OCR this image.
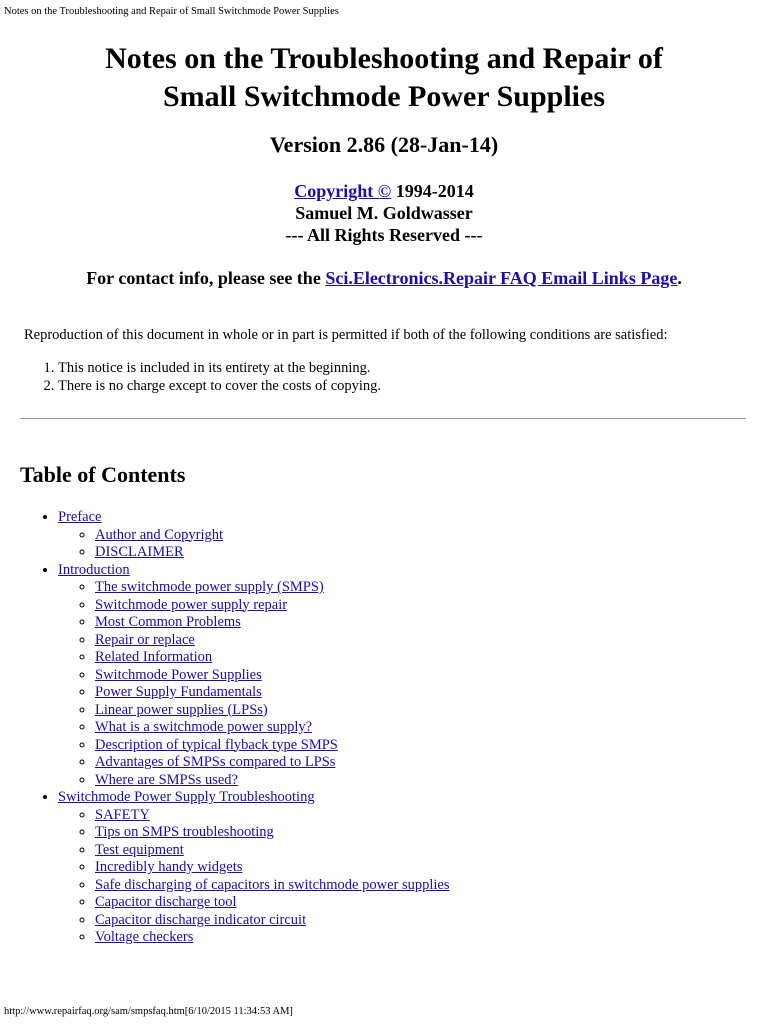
Notes on the Troubleshooting and Repair of Small Switchmode Power Supplies
Notes on the Troubleshooting and Repair of
Small Switchmode Power Supplies
Version 2.86 (28-Jan-14)
Copyright © 1994-2014
Samuel M. Goldwasser
--- All Rights Reserved ---
For contact info, please see the Sci.Electronics.Repair FAQ Email Links Page.
Reproduction of this document in whole or in part is permitted if both of the following conditions are satisfied:
1. This notice is included in its entirety at the beginning.
2. There is no charge except to cover the costs of copying.
Table of Contents
• Preface
◦ Author and Copyright
◦ DISCLAIMER
• Introduction
◦ The switchmode power supply (SMPS)
◦ Switchmode power supply repair
◦ Most Common Problems
◦ Repair or replace
◦ Related Information
◦ Switchmode Power Supplies
◦ Power Supply Fundamentals
◦ Linear power supplies (LPSs)
◦ What is a switchmode power supply?
◦ Description of typical flyback type SMPS
◦ Advantages of SMPSs compared to LPSs
◦ Where are SMPSs used?
• Switchmode Power Supply Troubleshooting
◦ SAFETY
◦ Tips on SMPS troubleshooting
◦ Test equipment
◦ Incredibly handy widgets
◦ Safe discharging of capacitors in switchmode power supplies
◦ Capacitor discharge tool
◦ Capacitor discharge indicator circuit
◦ Voltage checkers
http://www.repairfaq.org/sam/smpsfaq.htm[6/10/2015 11:34:53 AM]
